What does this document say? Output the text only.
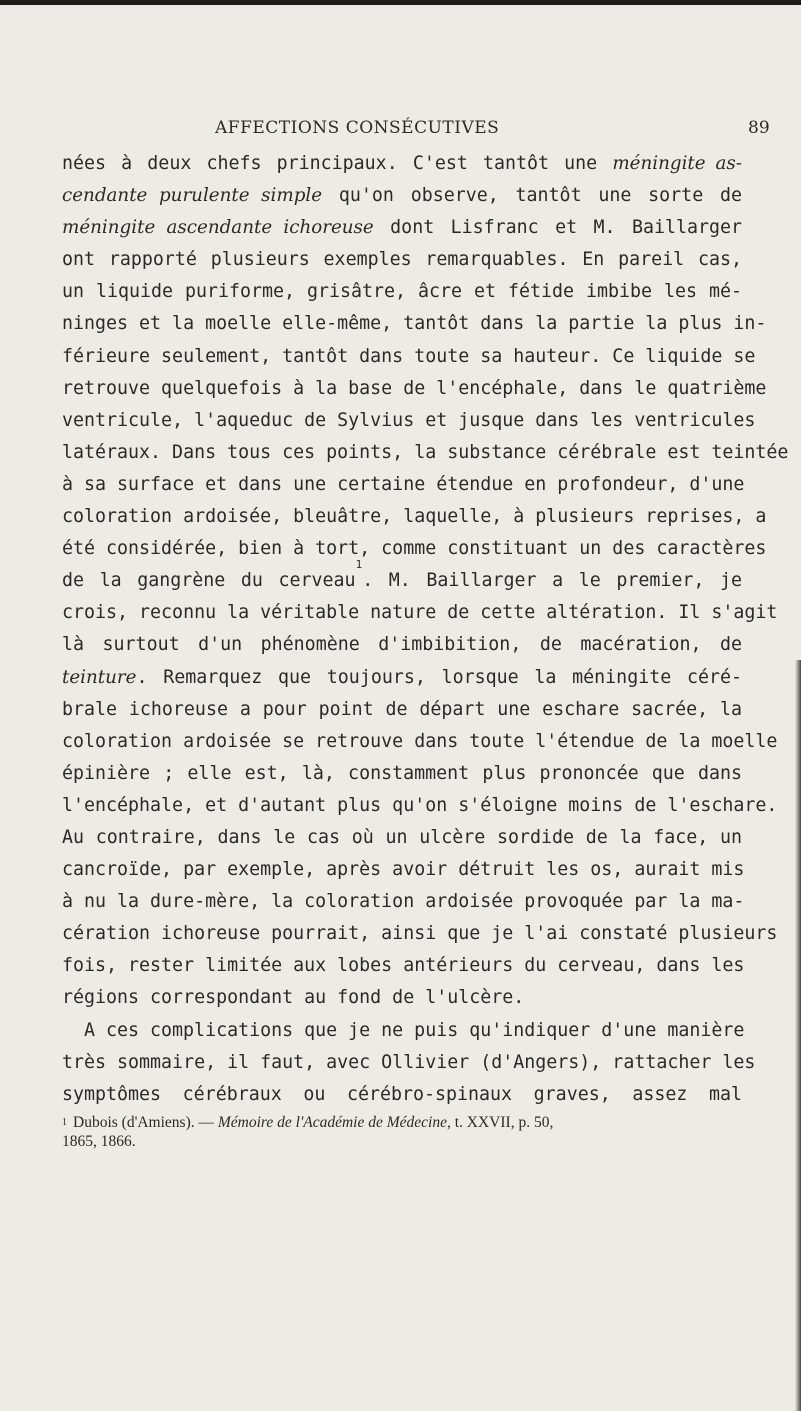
AFFECTIONS CONSÉCUTIVES	89
nées à deux chefs principaux. C'est tantôt une méningite as-
cendante purulente simple qu'on observe, tantôt une sorte de
méningite ascendante ichoreuse dont Lisfranc et M. Baillarger
ont rapporté plusieurs exemples remarquables. En pareil cas,
un liquide puriforme, grisâtre, âcre et fétide imbibe les mé-
ninges et la moelle elle-même, tantôt dans la partie la plus in-
férieure seulement, tantôt dans toute sa hauteur. Ce liquide se
retrouve quelquefois à la base de l'encéphale, dans le quatrième
ventricule, l'aqueduc de Sylvius et jusque dans les ventricules
latéraux. Dans tous ces points, la substance cérébrale est teintée
à sa surface et dans une certaine étendue en profondeur, d'une
coloration ardoisée, bleuâtre, laquelle, à plusieurs reprises, a
été considérée, bien à tort, comme constituant un des caractères
de la gangrène du cerveau$^1$. M. Baillarger a le premier, je
crois, reconnu la véritable nature de cette altération. Il s'agit
là surtout d'un phénomène d'imbibition, de macération, de
teinture. Remarquez que toujours, lorsque la méningite céré-
brale ichoreuse a pour point de départ une eschare sacrée, la
coloration ardoisée se retrouve dans toute l'étendue de la moelle
épinière ; elle est, là, constamment plus prononcée que dans
l'encéphale, et d'autant plus qu'on s'éloigne moins de l'eschare.
Au contraire, dans le cas où un ulcère sordide de la face, un
cancroïde, par exemple, après avoir détruit les os, aurait mis
à nu la dure-mère, la coloration ardoisée provoquée par la ma-
cération ichoreuse pourrait, ainsi que je l'ai constaté plusieurs
fois, rester limitée aux lobes antérieurs du cerveau, dans les
régions correspondant au fond de l'ulcère.
A ces complications que je ne puis qu'indiquer d'une manière
très sommaire, il faut, avec Ollivier (d'Angers), rattacher les
symptômes cérébraux ou cérébro-spinaux graves, assez mal
$^1$ Dubois (d'Amiens). — Mémoire de l'Académie de Médecine, t. XXVII, p. 50,
1865, 1866.
